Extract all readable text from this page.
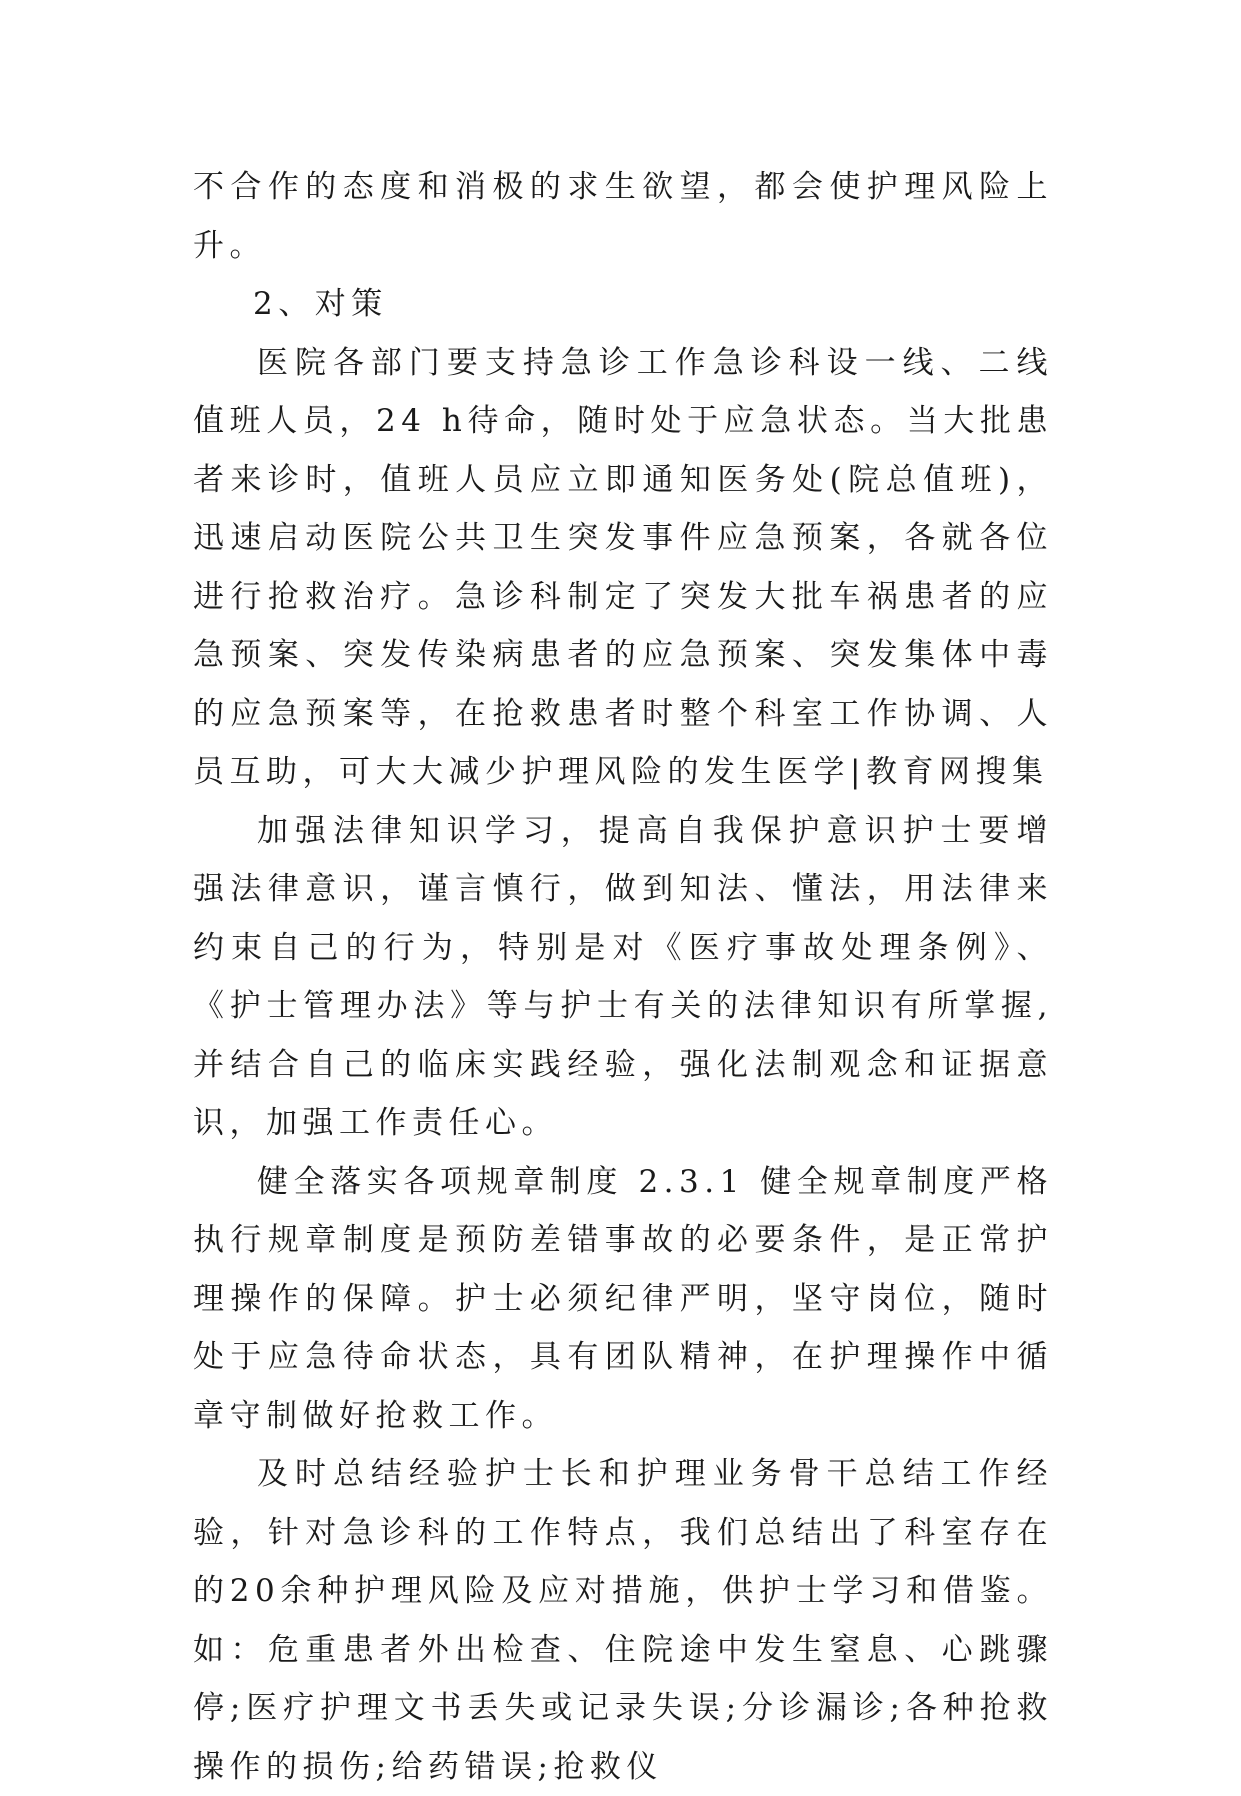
不合作的态度和消极的求生欲望，都会使护理风险上升。

2、对策

医院各部门要支持急诊工作急诊科设一线、二线值班人员，24 h待命，随时处于应急状态。当大批患者来诊时，值班人员应立即通知医务处(院总值班)，迅速启动医院公共卫生突发事件应急预案，各就各位进行抢救治疗。急诊科制定了突发大批车祸患者的应急预案、突发传染病患者的应急预案、突发集体中毒的应急预案等，在抢救患者时整个科室工作协调、人员互助，可大大减少护理风险的发生医学|教育网搜集

加强法律知识学习，提高自我保护意识护士要增强法律意识，谨言慎行，做到知法、懂法，用法律来约束自己的行为，特别是对《医疗事故处理条例》、《护士管理办法》等与护士有关的法律知识有所掌握,并结合自己的临床实践经验，强化法制观念和证据意识，加强工作责任心。

健全落实各项规章制度 2.3.1 健全规章制度严格执行规章制度是预防差错事故的必要条件，是正常护理操作的保障。护士必须纪律严明，坚守岗位，随时处于应急待命状态，具有团队精神，在护理操作中循章守制做好抢救工作。

及时总结经验护士长和护理业务骨干总结工作经验，针对急诊科的工作特点，我们总结出了科室存在的20余种护理风险及应对措施，供护士学习和借鉴。如：危重患者外出检查、住院途中发生窒息、心跳骤停;医疗护理文书丢失或记录失误;分诊漏诊;各种抢救操作的损伤;给药错误;抢救仪
